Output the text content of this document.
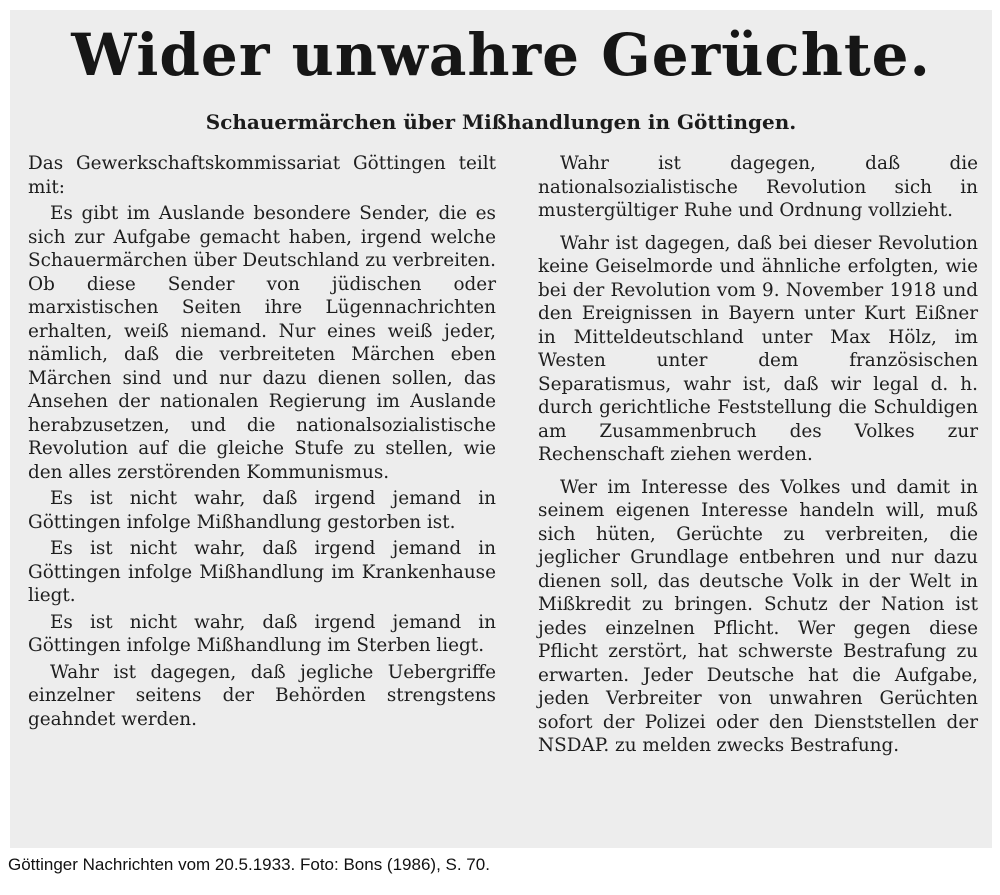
Wider unwahre Gerüchte.
Schauermärchen über Mißhandlungen in Göttingen.

Das Gewerkschaftskommissariat Göttingen teilt mit:

Es gibt im Auslande besondere Sender, die es sich zur Aufgabe gemacht haben, irgend welche Schauermärchen über Deutschland zu verbreiten. Ob diese Sender von jüdischen oder marxistischen Seiten ihre Lügennachrichten erhalten, weiß niemand. Nur eines weiß jeder, nämlich, daß die verbreiteten Märchen eben Märchen sind und nur dazu dienen sollen, das Ansehen der nationalen Regierung im Auslande herabzusetzen, und die nationalsozialistische Revolution auf die gleiche Stufe zu stellen, wie den alles zerstörenden Kommunismus.

Es ist nicht wahr, daß irgend jemand in Göttingen infolge Mißhandlung gestorben ist.

Es ist nicht wahr, daß irgend jemand in Göttingen infolge Mißhandlung im Krankenhause liegt.

Es ist nicht wahr, daß irgend jemand in Göttingen infolge Mißhandlung im Sterben liegt.

Wahr ist dagegen, daß jegliche Uebergriffe einzelner seitens der Behörden strengstens geahndet werden.

Wahr ist dagegen, daß die nationalsozialistische Revolution sich in mustergültiger Ruhe und Ordnung vollzieht.

Wahr ist dagegen, daß bei dieser Revolution keine Geiselmorde und ähnliche erfolgten, wie bei der Revolution vom 9. November 1918 und den Ereignissen in Bayern unter Kurt Eißner in Mitteldeutschland unter Max Hölz, im Westen unter dem französischen Separatismus, wahr ist, daß wir legal d. h. durch gerichtliche Feststellung die Schuldigen am Zusammenbruch des Volkes zur Rechenschaft ziehen werden.

Wer im Interesse des Volkes und damit in seinem eigenen Interesse handeln will, muß sich hüten, Gerüchte zu verbreiten, die jeglicher Grundlage entbehren und nur dazu dienen soll, das deutsche Volk in der Welt in Mißkredit zu bringen. Schutz der Nation ist jedes einzelnen Pflicht. Wer gegen diese Pflicht zerstört, hat schwerste Bestrafung zu erwarten. Jeder Deutsche hat die Aufgabe, jeden Verbreiter von unwahren Gerüchten sofort der Polizei oder den Dienststellen der NSDAP. zu melden zwecks Bestrafung.

Göttinger Nachrichten vom 20.5.1933. Foto: Bons (1986), S. 70.
